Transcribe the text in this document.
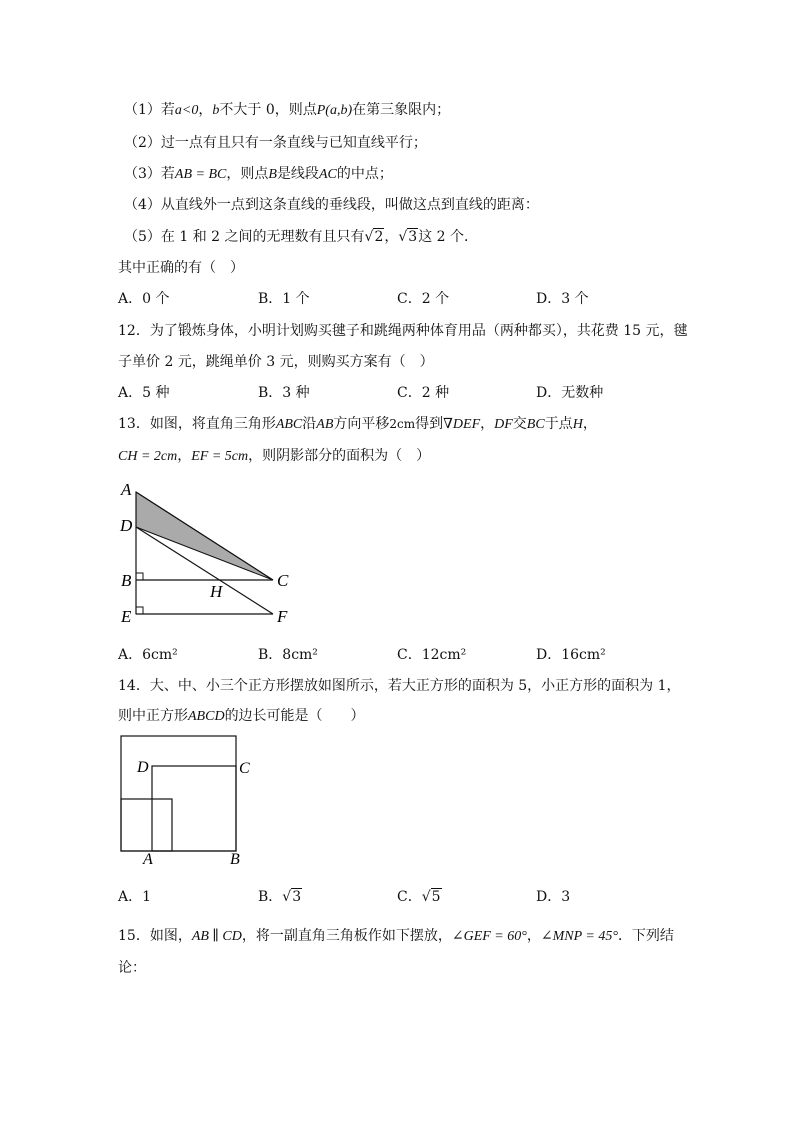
（1）若a<0，b不大于 0，则点P(a,b)在第三象限内；
（2）过一点有且只有一条直线与已知直线平行；
（3）若AB = BC，则点B是线段AC的中点；
（4）从直线外一点到这条直线的垂线段，叫做这点到直线的距离：
（5）在 1 和 2 之间的无理数有且只有√2，√3这 2 个．
其中正确的有（　）
A．0 个	B．1 个	C．2 个	D．3 个
12．为了锻炼身体，小明计划购买毽子和跳绳两种体育用品（两种都买），共花费 15 元，毽
子单价 2 元，跳绳单价 3 元，则购买方案有（　）
A．5 种	B．3 种	C．2 种	D．无数种
13．如图，将直角三角形ABC沿AB方向平移2cm得到∇DEF，DF交BC于点H，
CH = 2cm，EF = 5cm，则阴影部分的面积为（　）
A
D
B
H
C
E	F
A．6cm²	B．8cm²	C．12cm²	D．16cm²
14．大、中、小三个正方形摆放如图所示，若大正方形的面积为 5，小正方形的面积为 1，
则中正方形ABCD的边长可能是（　　）
D	C
A	B
A．1	B．√3	C．√5	D．3
15．如图，AB ∥ CD，将一副直角三角板作如下摆放，∠GEF = 60°，∠MNP = 45°．下列结
论：
